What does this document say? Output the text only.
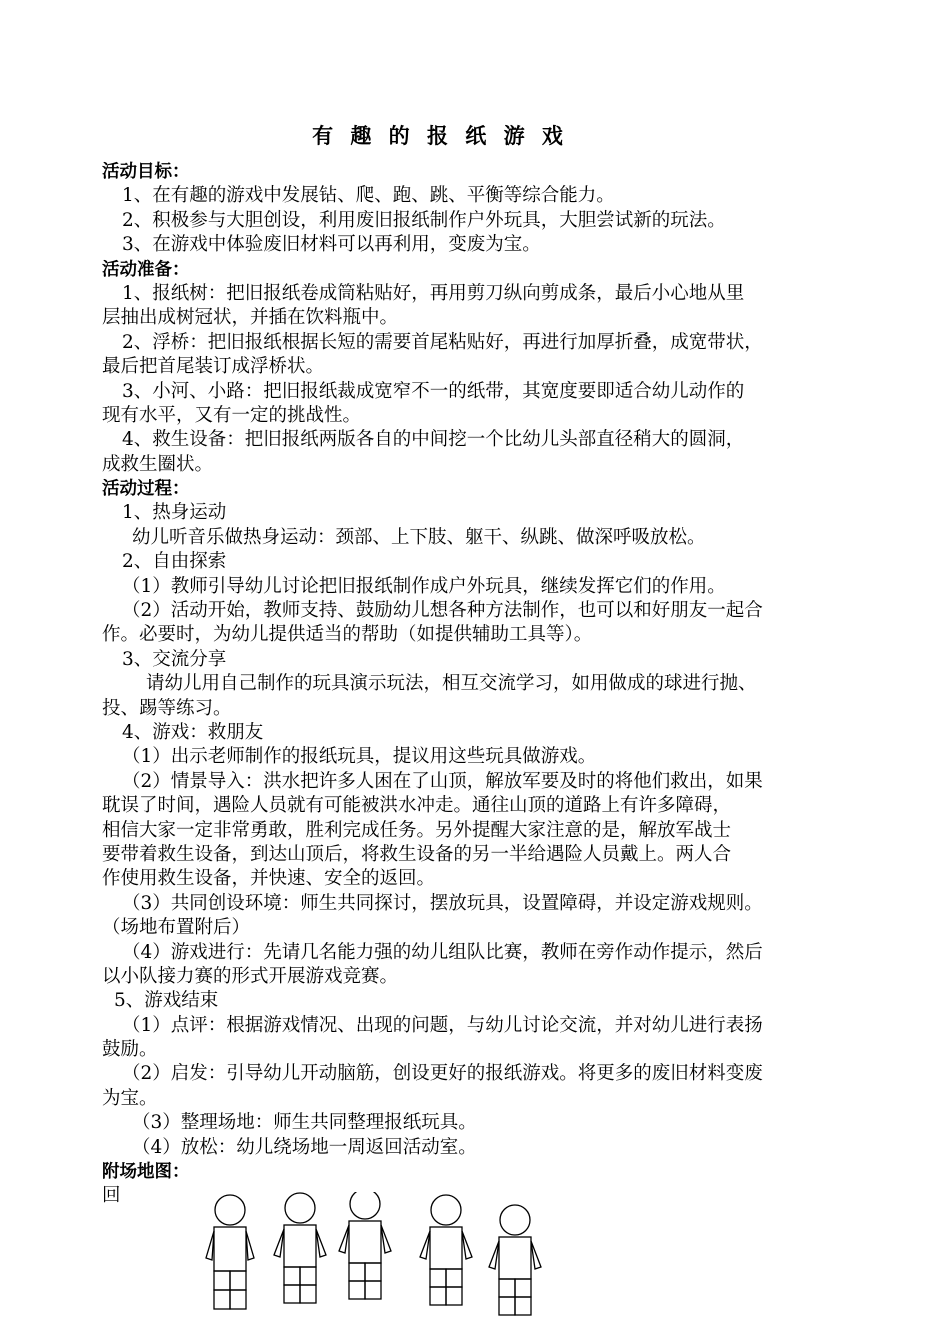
有 趣 的 报 纸 游 戏
活动目标：
1、在有趣的游戏中发展钻、爬、跑、跳、平衡等综合能力。
2、积极参与大胆创设，利用废旧报纸制作户外玩具，大胆尝试新的玩法。
3、在游戏中体验废旧材料可以再利用，变废为宝。
活动准备：
1、报纸树：把旧报纸卷成筒粘贴好，再用剪刀纵向剪成条，最后小心地从里
层抽出成树冠状，并插在饮料瓶中。
2、浮桥：把旧报纸根据长短的需要首尾粘贴好，再进行加厚折叠，成宽带状，
最后把首尾装订成浮桥状。
3、小河、小路：把旧报纸裁成宽窄不一的纸带，其宽度要即适合幼儿动作的
现有水平，又有一定的挑战性。
4、救生设备：把旧报纸两版各自的中间挖一个比幼儿头部直径稍大的圆洞，
成救生圈状。
活动过程：
1、热身运动
幼儿听音乐做热身运动：颈部、上下肢、躯干、纵跳、做深呼吸放松。
2、自由探索
（1）教师引导幼儿讨论把旧报纸制作成户外玩具，继续发挥它们的作用。
（2）活动开始，教师支持、鼓励幼儿想各种方法制作，也可以和好朋友一起合
作。必要时，为幼儿提供适当的帮助（如提供辅助工具等）。
3、交流分享
请幼儿用自己制作的玩具演示玩法，相互交流学习，如用做成的球进行抛、
投、踢等练习。
4、游戏：救朋友
（1）出示老师制作的报纸玩具，提议用这些玩具做游戏。
（2）情景导入：洪水把许多人困在了山顶，解放军要及时的将他们救出，如果
耽误了时间，遇险人员就有可能被洪水冲走。通往山顶的道路上有许多障碍，
相信大家一定非常勇敢，胜利完成任务。另外提醒大家注意的是，解放军战士
要带着救生设备，到达山顶后，将救生设备的另一半给遇险人员戴上。两人合
作使用救生设备，并快速、安全的返回。
（3）共同创设环境：师生共同探讨，摆放玩具，设置障碍，并设定游戏规则。
（场地布置附后）
（4）游戏进行：先请几名能力强的幼儿组队比赛，教师在旁作动作提示，然后
以小队接力赛的形式开展游戏竞赛。
5、游戏结束
（1）点评：根据游戏情况、出现的问题，与幼儿讨论交流，并对幼儿进行表扬
鼓励。
（2）启发：引导幼儿开动脑筋，创设更好的报纸游戏。将更多的废旧材料变废
为宝。
（3）整理场地：师生共同整理报纸玩具。
（4）放松：幼儿绕场地一周返回活动室。
附场地图：
回
